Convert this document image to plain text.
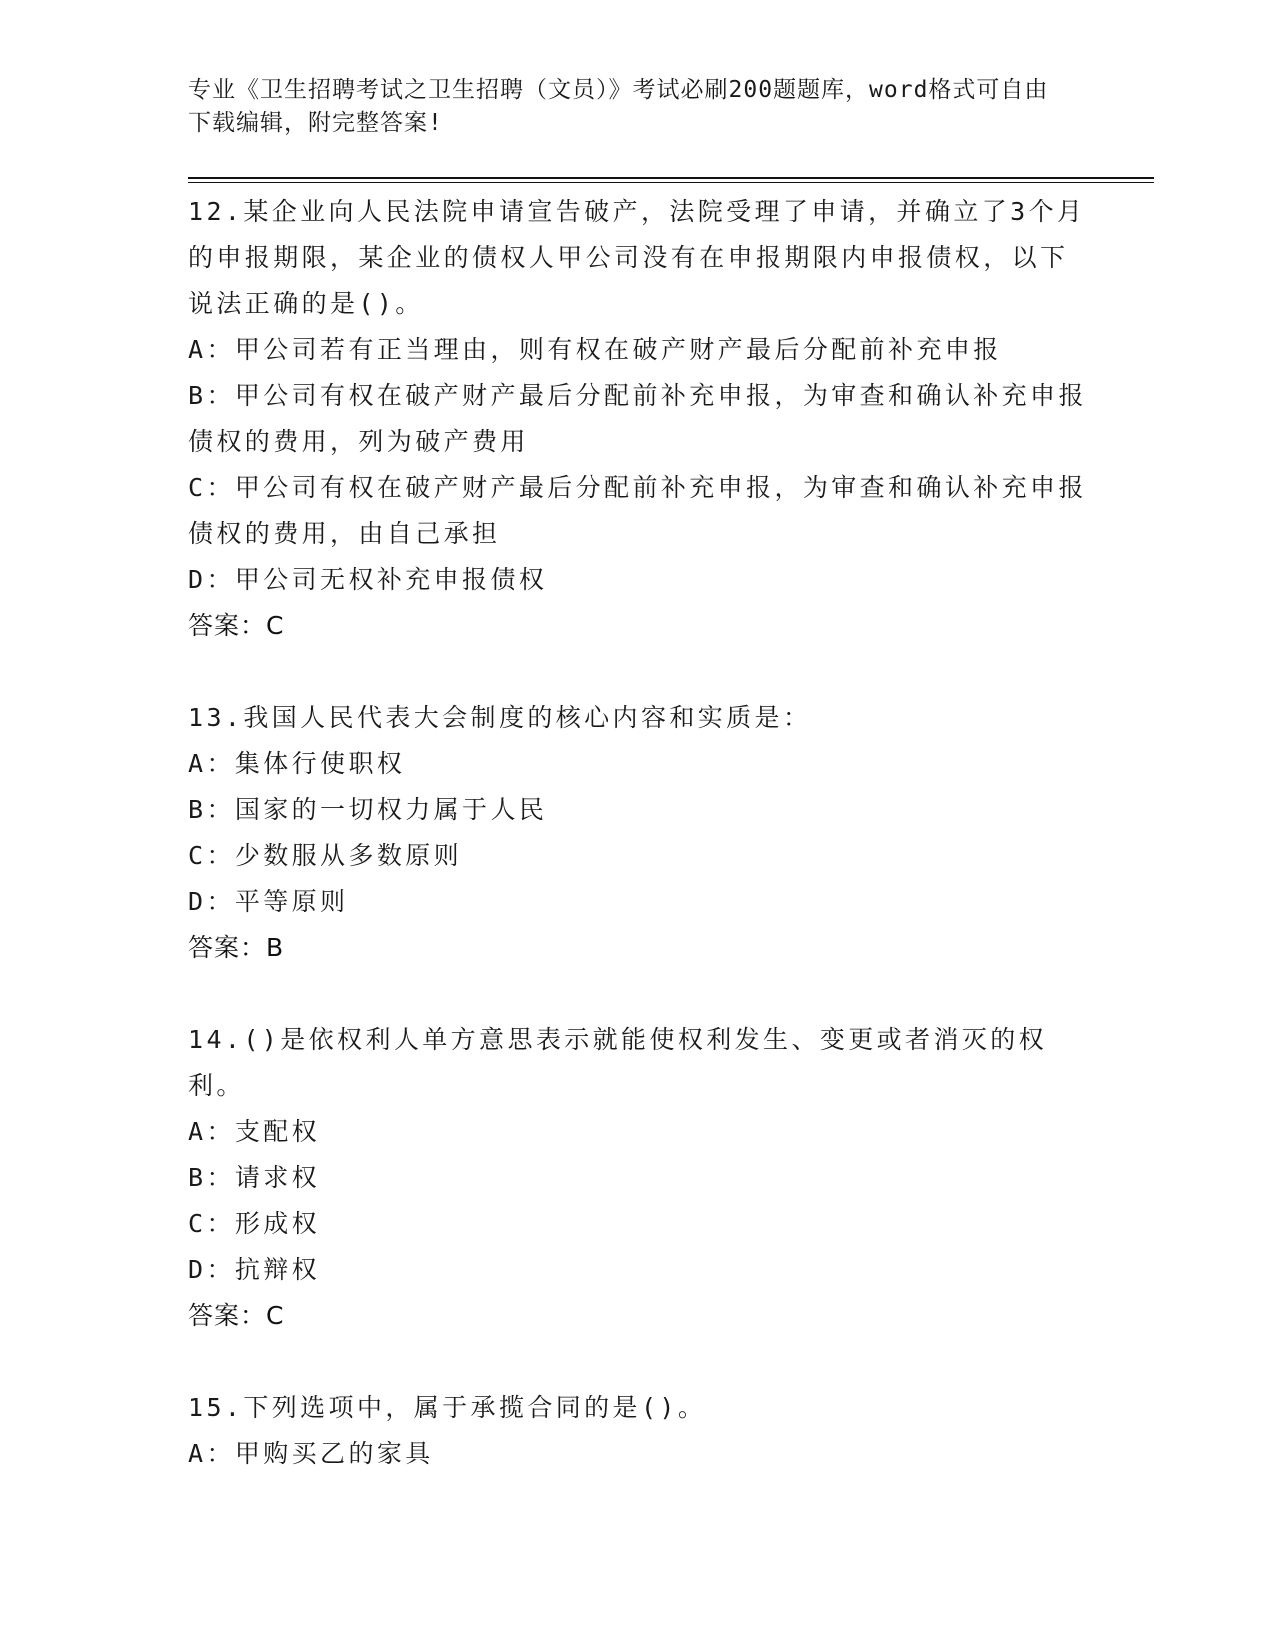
专业《卫生招聘考试之卫生招聘（文员）》考试必刷200题题库，word格式可自由下载编辑，附完整答案!
12.某企业向人民法院申请宣告破产，法院受理了申请，并确立了3个月的申报期限，某企业的债权人甲公司没有在申报期限内申报债权，以下说法正确的是()。
A：甲公司若有正当理由，则有权在破产财产最后分配前补充申报
B：甲公司有权在破产财产最后分配前补充申报，为审查和确认补充申报债权的费用，列为破产费用
C：甲公司有权在破产财产最后分配前补充申报，为审查和确认补充申报债权的费用，由自己承担
D：甲公司无权补充申报债权
答案：C
13.我国人民代表大会制度的核心内容和实质是：
A：集体行使职权
B：国家的一切权力属于人民
C：少数服从多数原则
D：平等原则
答案：B
14.()是依权利人单方意思表示就能使权利发生、变更或者消灭的权利。
A：支配权
B：请求权
C：形成权
D：抗辩权
答案：C
15.下列选项中，属于承揽合同的是()。
A：甲购买乙的家具
